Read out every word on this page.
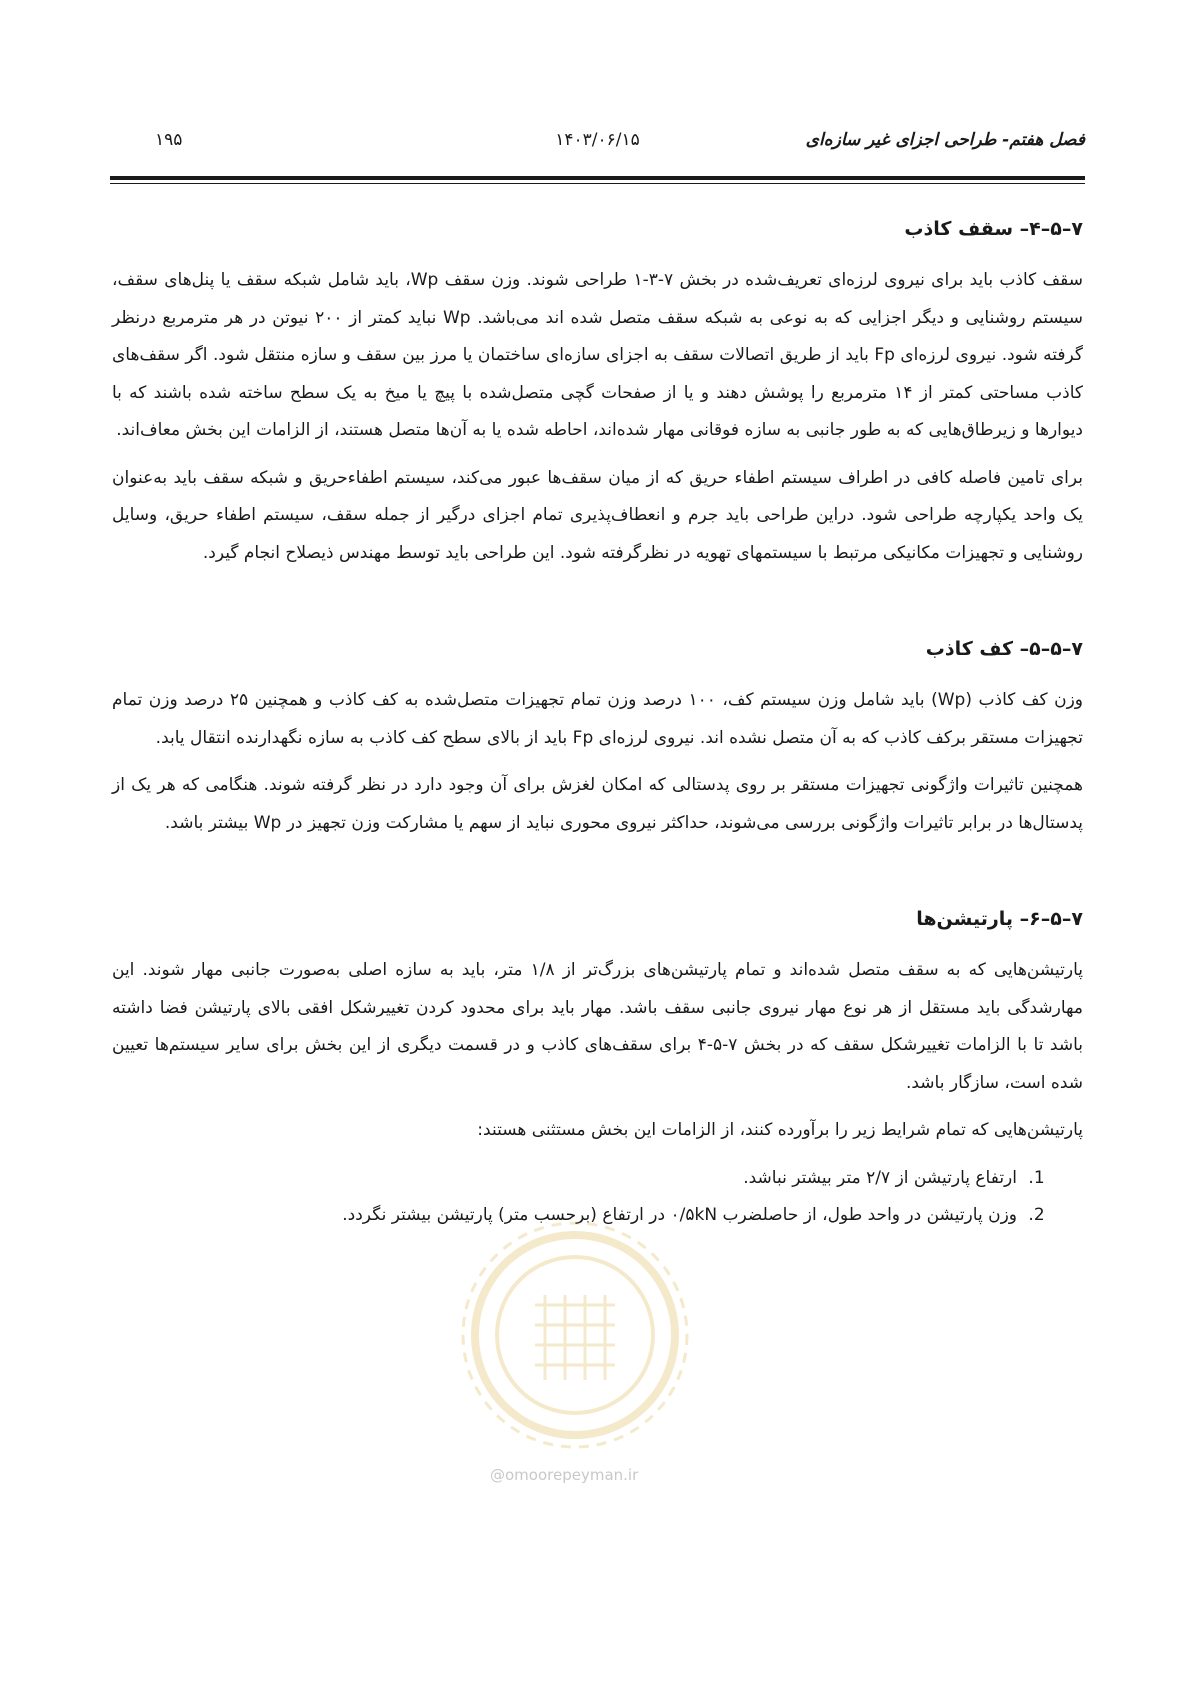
فصل هفتم- طراحی اجزای غیر سازه‌ای
۱۴۰۳/۰۶/۱۵
۱۹۵
۷–۵–۴– سقف کاذب

سقف کاذب باید برای نیروی لرزه‌ای تعریف‌شده در بخش ۷-۳-۱ طراحی شوند. وزن سقف Wp، باید شامل شبکه سقف یا پنل‌های سقف، سیستم روشنایی و دیگر اجزایی که به نوعی به شبکه سقف متصل شده اند می‌باشد. Wp نباید کمتر از ۲۰۰ نیوتن در هر مترمربع درنظر گرفته شود. نیروی لرزه‌ای Fp باید از طریق اتصالات سقف به اجزای سازه‌ای ساختمان یا مرز بین سقف و سازه منتقل شود. اگر سقف‌های کاذب مساحتی کمتر از ۱۴ مترمربع را پوشش دهند و یا از صفحات گچی متصل‌شده با پیچ یا میخ به یک سطح ساخته شده باشند که با دیوارها و زیرطاق‌هایی که به طور جانبی به سازه فوقانی مهار شده‌اند، احاطه شده یا به آن‌ها متصل هستند، از الزامات این بخش معاف‌اند.

برای تامین فاصله کافی در اطراف سیستم اطفاء حریق که از میان سقف‌ها عبور می‌کند، سیستم اطفاءحریق و شبکه سقف باید به‌عنوان یک واحد یکپارچه طراحی شود. دراین طراحی باید جرم و انعطاف‌پذیری تمام اجزای درگیر از جمله سقف، سیستم اطفاء حریق، وسایل روشنایی و تجهیزات مکانیکی مرتبط با سیستمهای تهویه در نظرگرفته شود. این طراحی باید توسط مهندس ذیصلاح انجام گیرد.

۷–۵–۵– کف کاذب

وزن کف کاذب (Wp) باید شامل وزن سیستم کف، ۱۰۰ درصد وزن تمام تجهیزات متصل‌شده به کف کاذب و همچنین ۲۵ درصد وزن تمام تجهیزات مستقر برکف کاذب که به آن متصل نشده اند. نیروی لرزه‌ای Fp باید از بالای سطح کف کاذب به سازه نگهدارنده انتقال یابد.

همچنین تاثیرات واژگونی تجهیزات مستقر بر روی پدستالی که امکان لغزش برای آن وجود دارد در نظر گرفته شوند. هنگامی که هر یک از پدستال‌ها در برابر تاثیرات واژگونی بررسی می‌شوند، حداکثر نیروی محوری نباید از سهم یا مشارکت وزن تجهیز در Wp بیشتر باشد.

۷–۵–۶– پارتیشن‌ها

پارتیشن‌هایی که به سقف متصل شده‌اند و تمام پارتیشن‌های بزرگ‌تر از ۱/۸ متر، باید به سازه اصلی به‌صورت جانبی مهار شوند. این مهارشدگی باید مستقل از هر نوع مهار نیروی جانبی سقف باشد. مهار باید برای محدود کردن تغییرشکل افقی بالای پارتیشن فضا داشته باشد تا با الزامات تغییرشکل سقف که در بخش ۷-۵-۴ برای سقف‌های کاذب و در قسمت دیگری از این بخش برای سایر سیستم‌ها تعیین شده است، سازگار باشد.

پارتیشن‌هایی که تمام شرایط زیر را برآورده کنند، از الزامات این بخش مستثنی هستند:

1. ارتفاع پارتیشن از ۲/۷ متر بیشتر نباشد.
2. وزن پارتیشن در واحد طول، از حاصلضرب ۰/۵kN در ارتفاع (برحسب متر) پارتیشن بیشتر نگردد.
@omoorepeyman.ir
